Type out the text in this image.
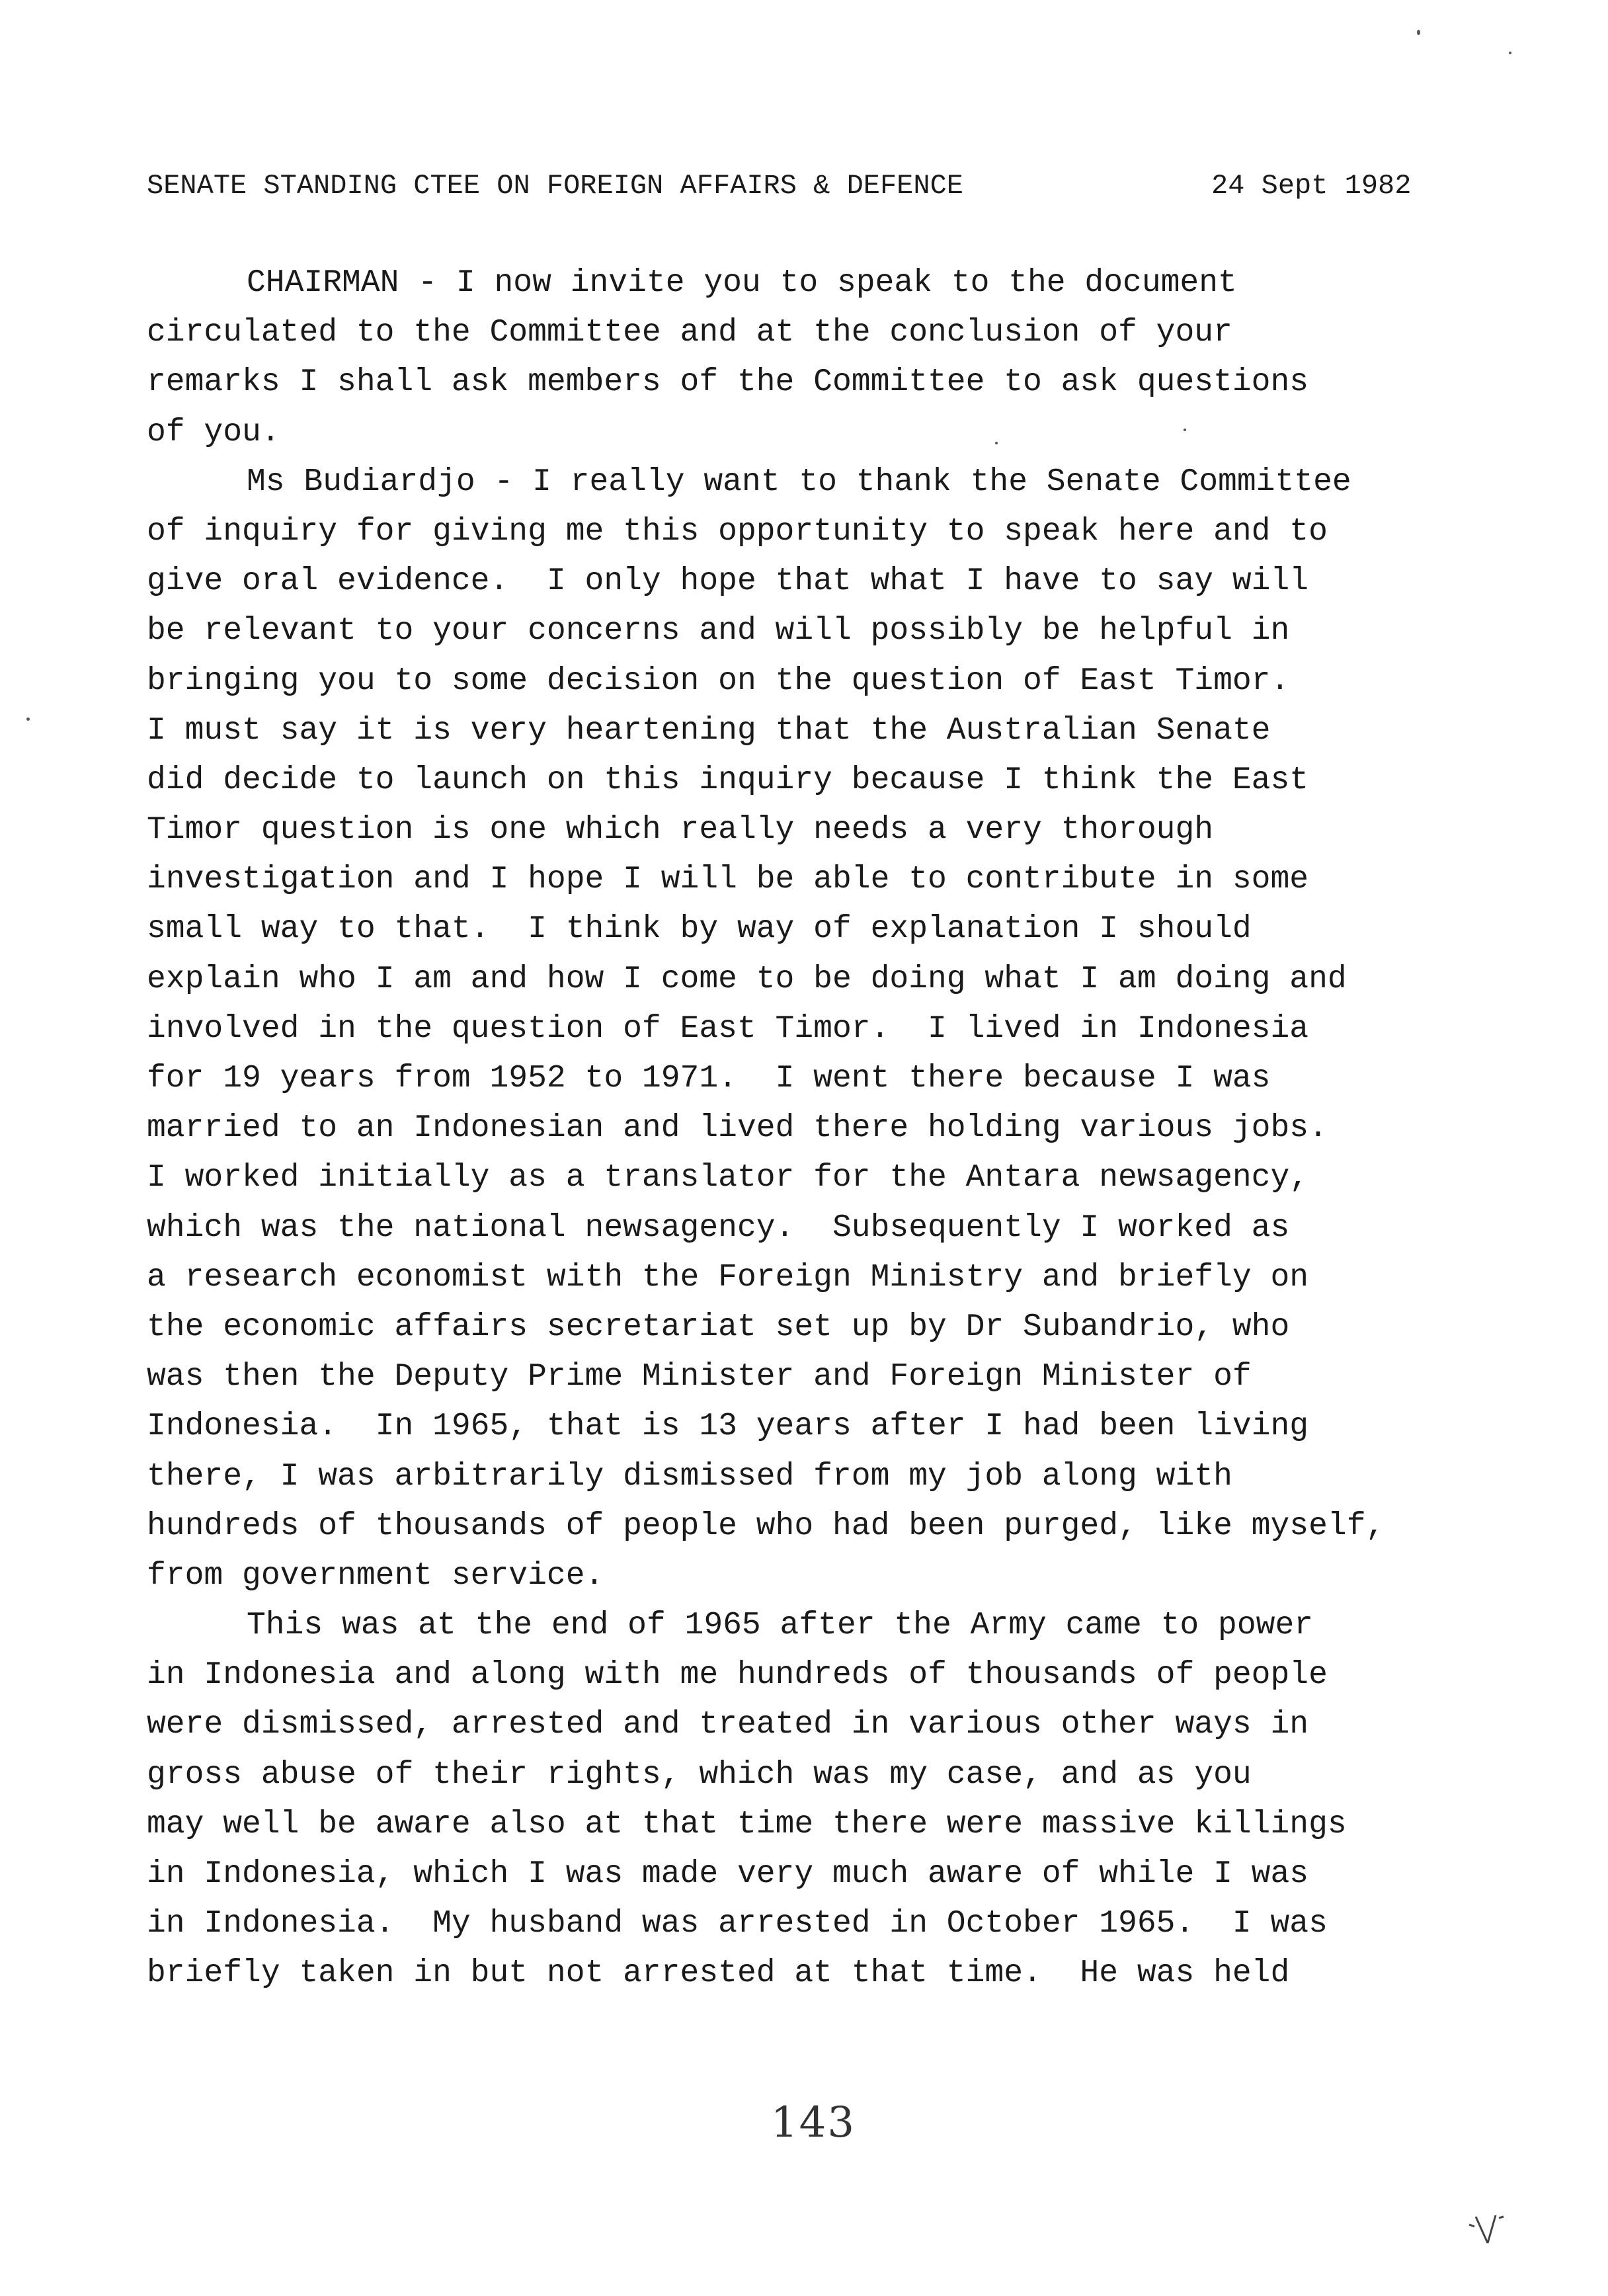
SENATE STANDING CTEE ON FOREIGN AFFAIRS & DEFENCE	24 Sept 1982
CHAIRMAN - I now invite you to speak to the document
circulated to the Committee and at the conclusion of your
remarks I shall ask members of the Committee to ask questions
of you.
Ms Budiardjo - I really want to thank the Senate Committee
of inquiry for giving me this opportunity to speak here and to
give oral evidence.  I only hope that what I have to say will
be relevant to your concerns and will possibly be helpful in
bringing you to some decision on the question of East Timor.
I must say it is very heartening that the Australian Senate
did decide to launch on this inquiry because I think the East
Timor question is one which really needs a very thorough
investigation and I hope I will be able to contribute in some
small way to that.  I think by way of explanation I should
explain who I am and how I come to be doing what I am doing and
involved in the question of East Timor.  I lived in Indonesia
for 19 years from 1952 to 1971.  I went there because I was
married to an Indonesian and lived there holding various jobs.
I worked initially as a translator for the Antara newsagency,
which was the national newsagency.  Subsequently I worked as
a research economist with the Foreign Ministry and briefly on
the economic affairs secretariat set up by Dr Subandrio, who
was then the Deputy Prime Minister and Foreign Minister of
Indonesia.  In 1965, that is 13 years after I had been living
there, I was arbitrarily dismissed from my job along with
hundreds of thousands of people who had been purged, like myself,
from government service.
This was at the end of 1965 after the Army came to power
in Indonesia and along with me hundreds of thousands of people
were dismissed, arrested and treated in various other ways in
gross abuse of their rights, which was my case, and as you
may well be aware also at that time there were massive killings
in Indonesia, which I was made very much aware of while I was
in Indonesia.  My husband was arrested in October 1965.  I was
briefly taken in but not arrested at that time.  He was held
143
